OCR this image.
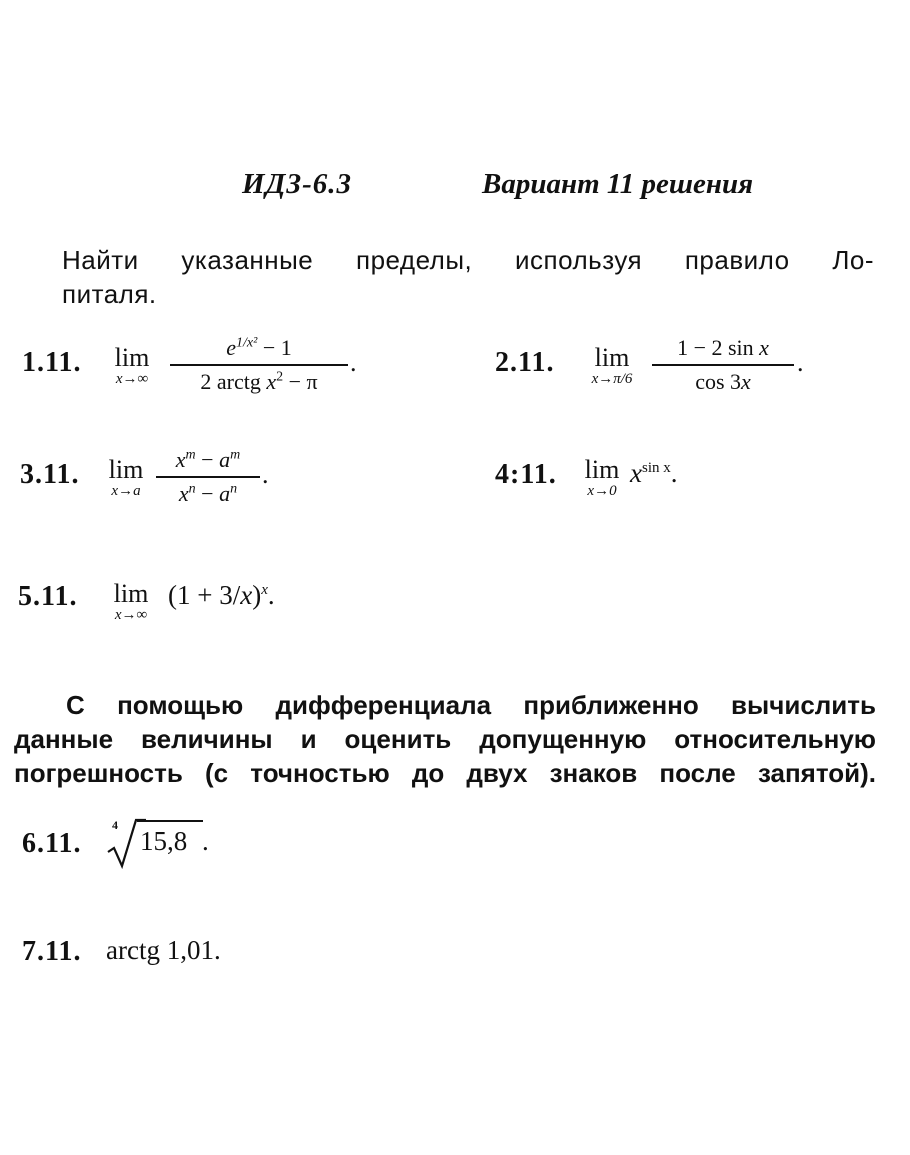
ИДЗ-6.3	Вариант 11 решения
Найти указанные пределы, используя правило Ло-
питаля.
1.11.	lim
x→∞
$e^{1/x^2} - 1$
2 arctg $x^2 - \pi$
.	2.11.	lim
x→π/6
1 − 2 sin x
cos 3x
.
3.11.	lim
x→a
$x^m - a^m$
$x^n - a^n$
.	4:11. lim
x→0
$x^{sin x}$.
5.11.	lim
x→∞
$(1 + 3/x)^x$.
С помощью дифференциала приближенно вычислить
данные величины и оценить допущенную относительную
погрешность (с точностью до двух знаков после запятой).
6.11.
4
15,8 .
7.11. arctg 1,01.
